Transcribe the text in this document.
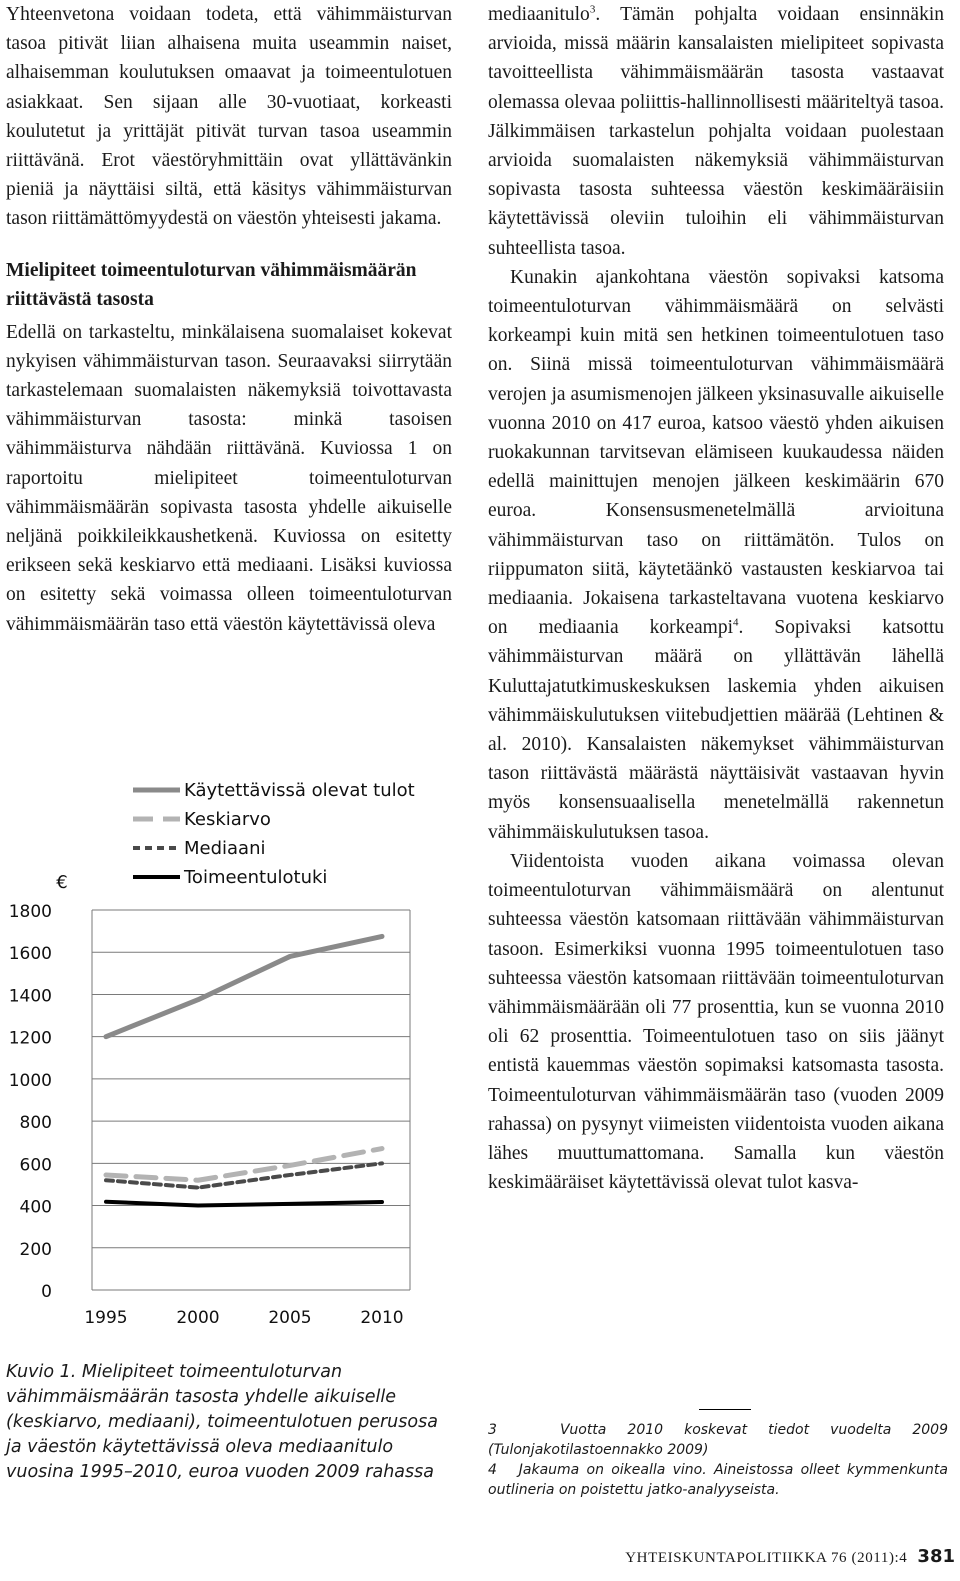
Yhteenvetona voidaan todeta, että vähimmäisturvan tasoa pitivät liian alhaisena muita useammin naiset, alhaisemman koulutuksen omaavat ja toimeentulotuen asiakkaat. Sen sijaan alle 30-vuotiaat, korkeasti koulutetut ja yrittäjät pitivät turvan tasoa useammin riittävänä. Erot väestöryhmittäin ovat yllättävänkin pieniä ja näyttäisi siltä, että käsitys vähimmäisturvan tason riittämättömyydestä on väestön yhteisesti jakama.

Mielipiteet toimeentuloturvan vähimmäismäärän riittävästä tasosta

Edellä on tarkasteltu, minkälaisena suomalaiset kokevat nykyisen vähimmäisturvan tason. Seuraavaksi siirrytään tarkastelemaan suomalaisten näkemyksiä toivottavasta vähimmäisturvan tasosta: minkä tasoisen vähimmäisturva nähdään riittävänä. Kuviossa 1 on raportoitu mielipiteet toimeentuloturvan vähimmäismäärän sopivasta tasosta yhdelle aikuiselle neljänä poikkileikkaushetkenä. Kuviossa on esitetty erikseen sekä keskiarvo että mediaani. Lisäksi kuviossa on esitetty sekä voimassa olleen toimeentuloturvan vähimmäismäärän taso että väestön käytettävissä oleva

mediaanitulo$^3$. Tämän pohjalta voidaan ensinnäkin arvioida, missä määrin kansalaisten mielipiteet sopivasta tavoitteellista vähimmäismäärän tasosta vastaavat olemassa olevaa poliittis-hallinnollisesti määriteltyä tasoa. Jälkimmäisen tarkastelun pohjalta voidaan puolestaan arvioida suomalaisten näkemyksiä vähimmäisturvan sopivasta tasosta suhteessa väestön keskimääräisiin käytettävissä oleviin tuloihin eli vähimmäisturvan suhteellista tasoa.

Kunakin ajankohtana väestön sopivaksi katsoma toimeentuloturvan vähimmäismäärä on selvästi korkeampi kuin mitä sen hetkinen toimeentulotuen taso on. Siinä missä toimeentuloturvan vähimmäismäärä verojen ja asumismenojen jälkeen yksinasuvalle aikuiselle vuonna 2010 on 417 euroa, katsoo väestö yhden aikuisen ruokakunnan tarvitsevan elämiseen kuukaudessa näiden edellä mainittujen menojen jälkeen keskimäärin 670 euroa. Konsensusmenetelmällä arvioituna vähimmäisturvan taso on riittämätön. Tulos on riippumaton siitä, käytetäänkö vastausten keskiarvoa tai mediaania. Jokaisena tarkasteltavana vuotena keskiarvo on mediaania korkeampi$^4$. Sopivaksi katsottu vähimmäisturvan määrä on yllättävän lähellä Kuluttajatutkimuskeskuksen laskemia yhden aikuisen vähimmäiskulutuksen viitebudjettien määrää (Lehtinen & al. 2010). Kansalaisten näkemykset vähimmäisturvan tason riittävästä määrästä näyttäisivät vastaavan hyvin myös konsensuaalisella menetelmällä rakennetun vähimmäiskulutuksen tasoa.

Viidentoista vuoden aikana voimassa olevan toimeentuloturvan vähimmäismäärä on alentunut suhteessa väestön katsomaan riittävään vähimmäisturvan tasoon. Esimerkiksi vuonna 1995 toimeentulotuen taso suhteessa väestön katsomaan riittävään toimeentuloturvan vähimmäismäärään oli 77 prosenttia, kun se vuonna 2010 oli 62 prosenttia. Toimeentulotuen taso on siis jäänyt entistä kauemmas väestön sopimaksi katsomasta tasosta. Toimeentuloturvan vähimmäismäärän taso (vuoden 2009 rahassa) on pysynyt viimeisten viidentoista vuoden aikana lähes muuttumattomana. Samalla kun väestön keskimääräiset käytettävissä olevat tulot kasva-

0
200
400
600
800
1000
1200
1400
1600
1800
€
1995	2000	2005	2010
Käytettävissä olevat tulot
Keskiarvo
Mediaani
Toimeentulotuki
Kuvio 1. Mielipiteet toimeentuloturvan vähimmäismäärän tasosta yhdelle aikuiselle (keskiarvo, mediaani), toimeentulotuen perusosa ja väestön käytettävissä oleva mediaanitulo vuosina 1995–2010, euroa vuoden 2009 rahassa

3	Vuotta 2010 koskevat tiedot vuodelta 2009 (Tulonjakotilastoennakko 2009)

4 Jakauma on oikealla vino. Aineistossa olleet kymmenkunta outlineria on poistettu jatko-analyyseista.

YHTEISKUNTAPOLITIIKKA 76 (2011):4 381
